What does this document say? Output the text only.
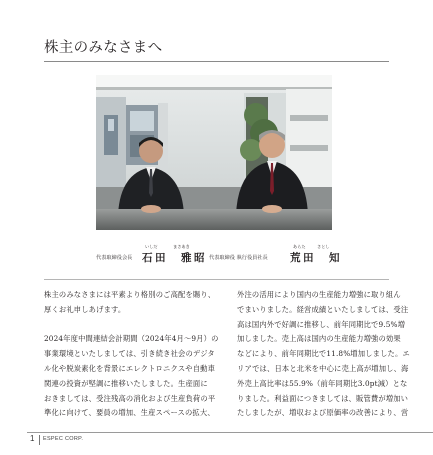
株主のみなさまへ
代表取締役会長
いしだ	まさあき
石田　雅昭 代表取締役 執行役員社長
あらた	さとし
荒田　知

株主のみなさまには平素より格別のご高配を賜り、

厚くお礼申しあげます。

2024年度中間連結会計期間（2024年4月～9月）の

事業環境といたしましては、引き続き社会のデジタ

ル化や脱炭素化を背景にエレクトロニクスや自動車

関連の投資が堅調に推移いたしました。生産面に

おきましては、受注残高の消化および生産負荷の平

準化に向けて、要員の増加、生産スペースの拡大、

外注の活用により国内の生産能力増強に取り組ん

でまいりました。経営成績といたしましては、受注

高は国内外で好調に推移し、前年同期比で9.5%増

加しました。売上高は国内の生産能力増強の効果

などにより、前年同期比で11.8%増加しました。エ

リアでは、日本と北米を中心に売上高が増加し、海

外売上高比率は55.9%（前年同期比3.0pt減）とな

りました。利益面につきましては、販管費が増加い

たしましたが、増収および原価率の改善により、営

1 ESPEC CORP.
